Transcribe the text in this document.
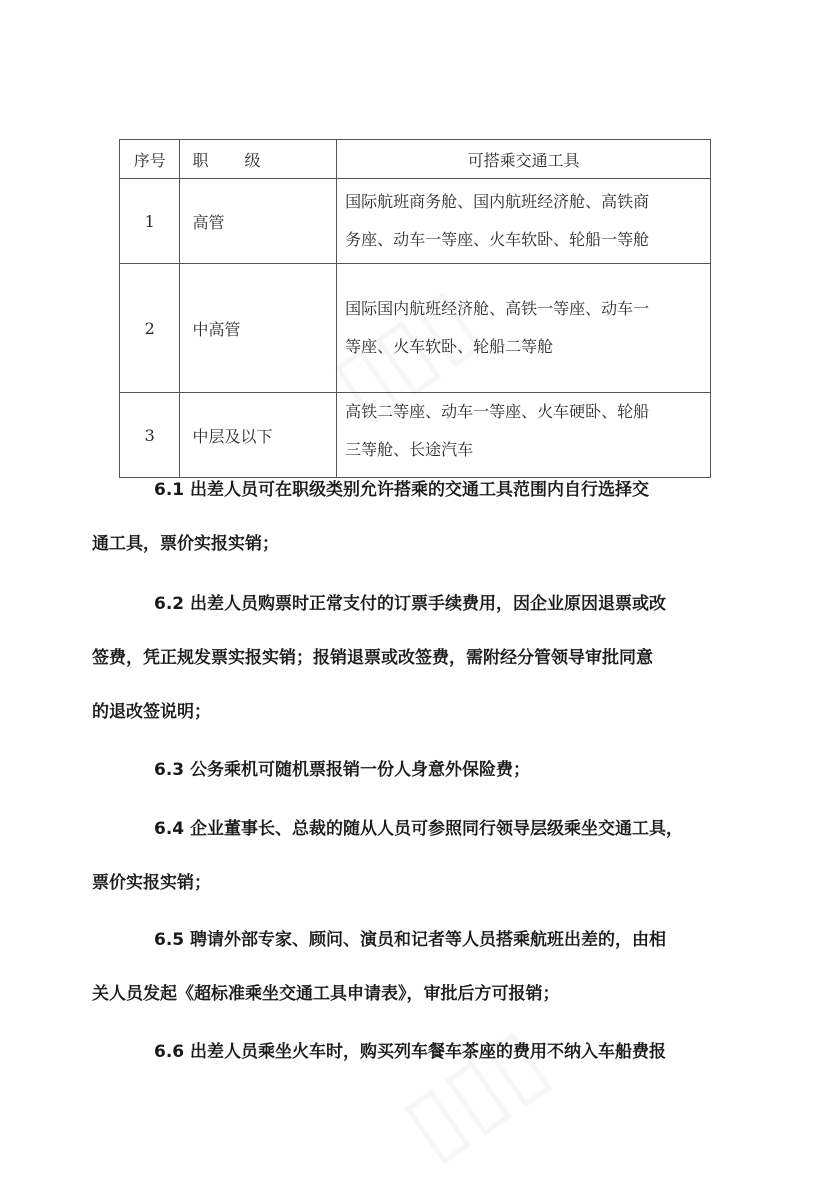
序号	职 级	可搭乘交通工具
1	高管	国际航班商务舱、国内航班经济舱、高铁商
务座、动车一等座、火车软卧、轮船一等舱
2	中高管	国际国内航班经济舱、高铁一等座、动车一
等座、火车软卧、轮船二等舱
3	中层及以下	高铁二等座、动车一等座、火车硬卧、轮船
三等舱、长途汽车
6.1 出差人员可在职级类别允许搭乘的交通工具范围内自行选择交
通工具，票价实报实销；
6.2 出差人员购票时正常支付的订票手续费用，因企业原因退票或改
签费，凭正规发票实报实销；报销退票或改签费，需附经分管领导审批同意
的退改签说明；
6.3 公务乘机可随机票报销一份人身意外保险费；
6.4 企业董事长、总裁的随从人员可参照同行领导层级乘坐交通工具，
票价实报实销；
6.5 聘请外部专家、顾问、演员和记者等人员搭乘航班出差的，由相
关人员发起《超标准乘坐交通工具申请表》，审批后方可报销；
6.6 出差人员乘坐火车时，购买列车餐车茶座的费用不纳入车船费报
